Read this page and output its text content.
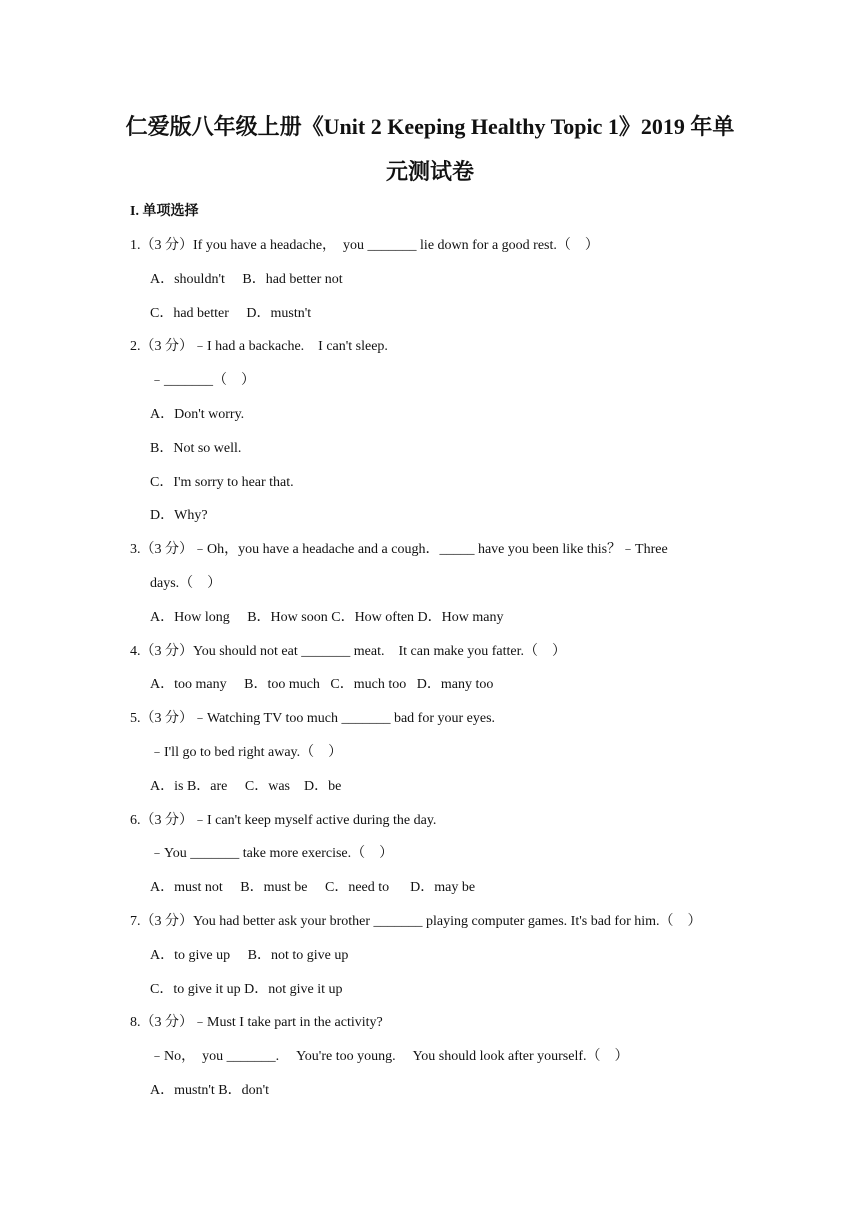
仁爱版八年级上册《Unit 2 Keeping Healthy Topic 1》2019 年单
元测试卷
I. 单项选择
1.（3 分）If you have a headache，  you _______ lie down for a good rest.（    ）
A．shouldn't     B．had better not
C．had better     D．mustn't
2.（3 分）﹣I had a backache.    I can't sleep.
﹣_______（    ）
A．Don't worry.
B．Not so well.
C．I'm sorry to hear that.
D．Why?
3.（3 分）﹣Oh，you have a headache and a cough．_____ have you been like this？﹣Three
days.（    ）
A．How long     B．How soon C．How often D．How many
4.（3 分）You should not eat _______ meat.    It can make you fatter.（    ）
A．too many     B．too much   C．much too   D．many too
5.（3 分）﹣Watching TV too much _______ bad for your eyes.
﹣I'll go to bed right away.（    ）
A．is B．are     C．was    D．be
6.（3 分）﹣I can't keep myself active during the day.
﹣You _______ take more exercise.（    ）
A．must not     B．must be     C．need to      D．may be
7.（3 分）You had better ask your brother _______ playing computer games. It's bad for him.（    ）
A．to give up     B．not to give up
C．to give it up D．not give it up
8.（3 分）﹣Must I take part in the activity?
﹣No，  you _______.     You're too young.     You should look after yourself.（    ）
A．mustn't B．don't
